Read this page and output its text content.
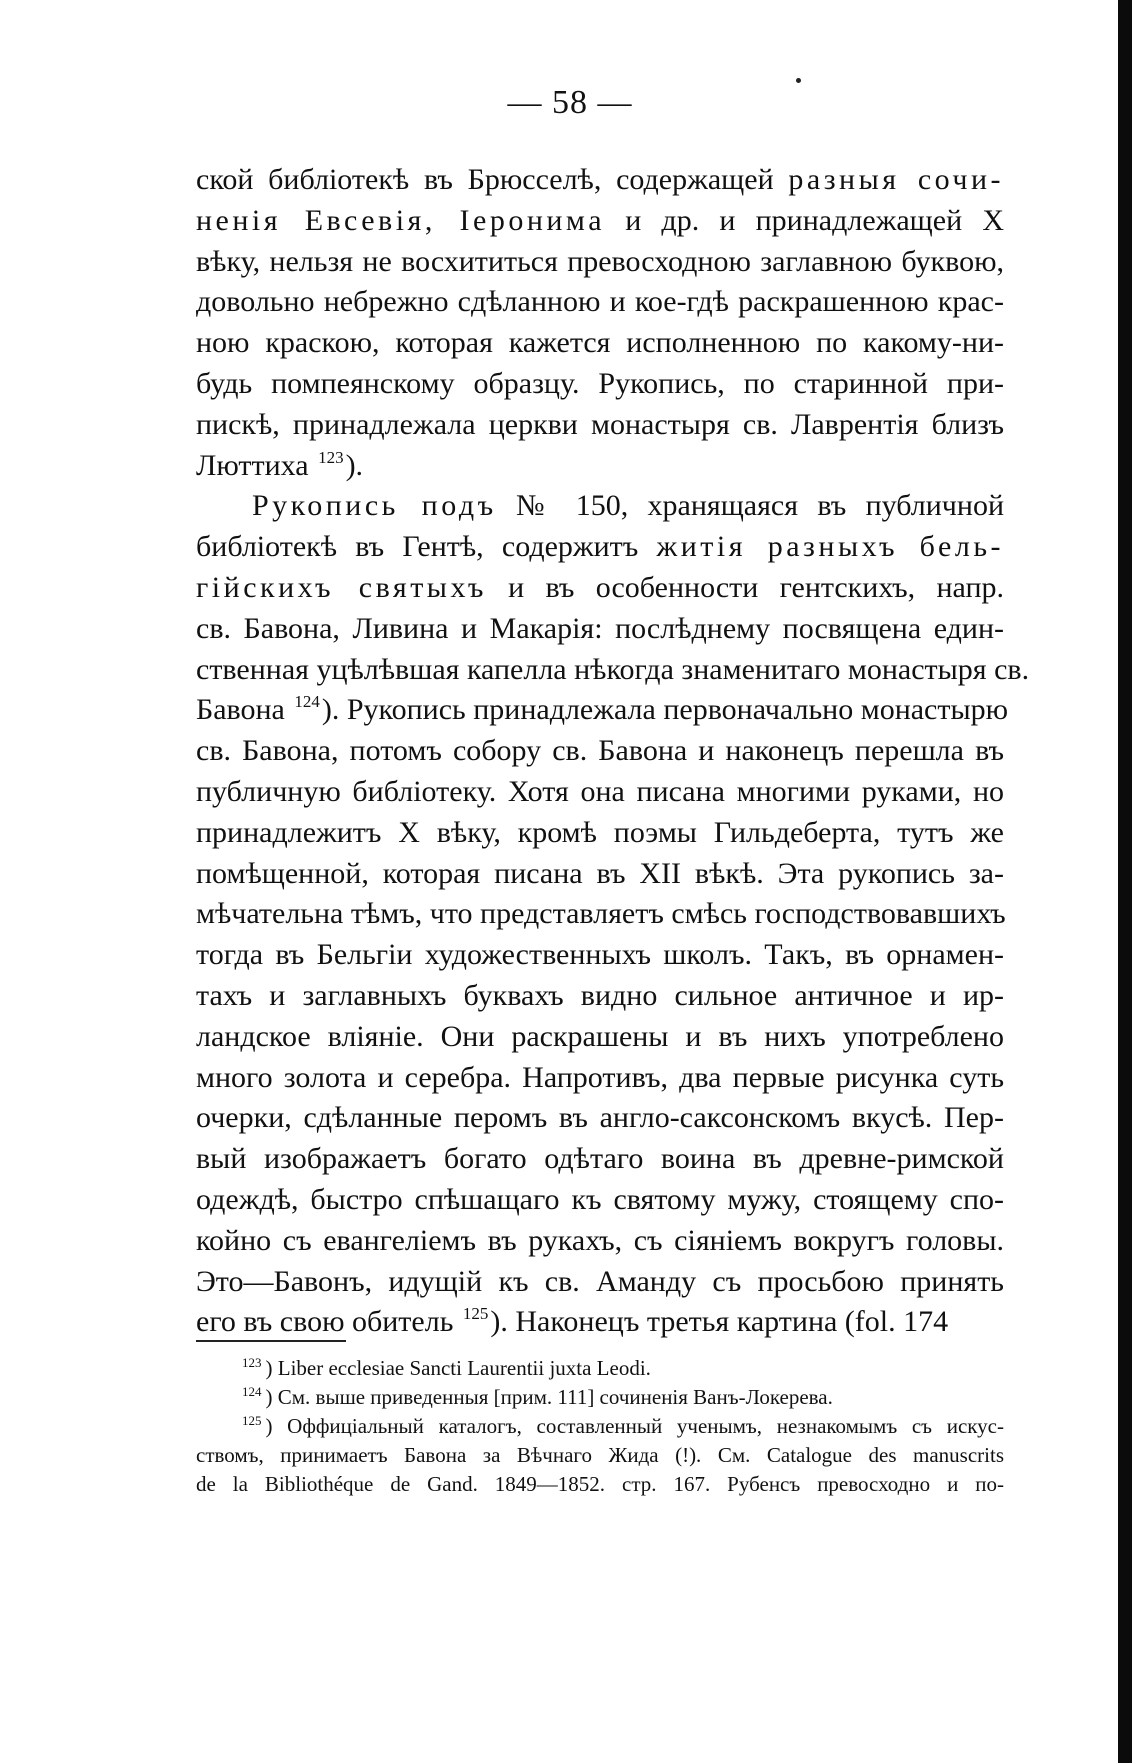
— 58 —
ской библіотекѣ въ Брюсселѣ, содержащей разныя сочи-
ненія Евсевія, Іеронима и др. и принадлежащей X
вѣку, нельзя не восхититься превосходною заглавною буквою,
довольно небрежно сдѣланною и кое-гдѣ раскрашенною крас-
ною краскою, которая кажется исполненною по какому-ни-
будь помпеянскому образцу. Рукопись, по старинной при-
пискѣ, принадлежала церкви монастыря св. Лаврентія близъ
Люттиха $^{123}$).
Рукопись подъ № 150, хранящаяся въ публичной
библіотекѣ въ Гентѣ, содержитъ житія разныхъ бель-
гійскихъ святыхъ и въ особенности гентскихъ, напр.
св. Бавона, Ливина и Макарія: послѣднему посвящена един-
ственная уцѣлѣвшая капелла нѣкогда знаменитаго монастыря св.
Бавона $^{124}$). Рукопись принадлежала первоначально монастырю
св. Бавона, потомъ собору св. Бавона и наконецъ перешла въ
публичную библіотеку. Хотя она писана многими руками, но
принадлежитъ X вѣку, кромѣ поэмы Гильдеберта, тутъ же
помѣщенной, которая писана въ XII вѣкѣ. Эта рукопись за-
мѣчательна тѣмъ, что представляетъ смѣсь господствовавшихъ
тогда въ Бельгіи художественныхъ школъ. Такъ, въ орнамен-
тахъ и заглавныхъ буквахъ видно сильное античное и ир-
ландское вліяніе. Они раскрашены и въ нихъ употреблено
много золота и серебра. Напротивъ, два первые рисунка суть
очерки, сдѣланные перомъ въ англо-саксонскомъ вкусѣ. Пер-
вый изображаетъ богато одѣтаго воина въ древне-римской
одеждѣ, быстро спѣшащаго къ святому мужу, стоящему спо-
койно съ евангеліемъ въ рукахъ, съ сіяніемъ вокругъ головы.
Это—Бавонъ, идущій къ св. Аманду съ просьбою принять
его въ свою обитель $^{125}$). Наконецъ третья картина (fol. 174
$^{123}$ ) Liber ecclesiae Sancti Laurentii juxta Leodi.
$^{124}$ ) См. выше приведенныя [прим. 111] сочиненія Ванъ-Локерева.
$^{125}$ ) Оффиціальный каталогъ, составленный ученымъ, незнакомымъ съ искус-
ствомъ, принимаетъ Бавона за Вѣчнаго Жида (!). См. Catalogue des manuscrits
de la Bibliothéque de Gand. 1849—1852. стр. 167. Рубенсъ превосходно и по-
